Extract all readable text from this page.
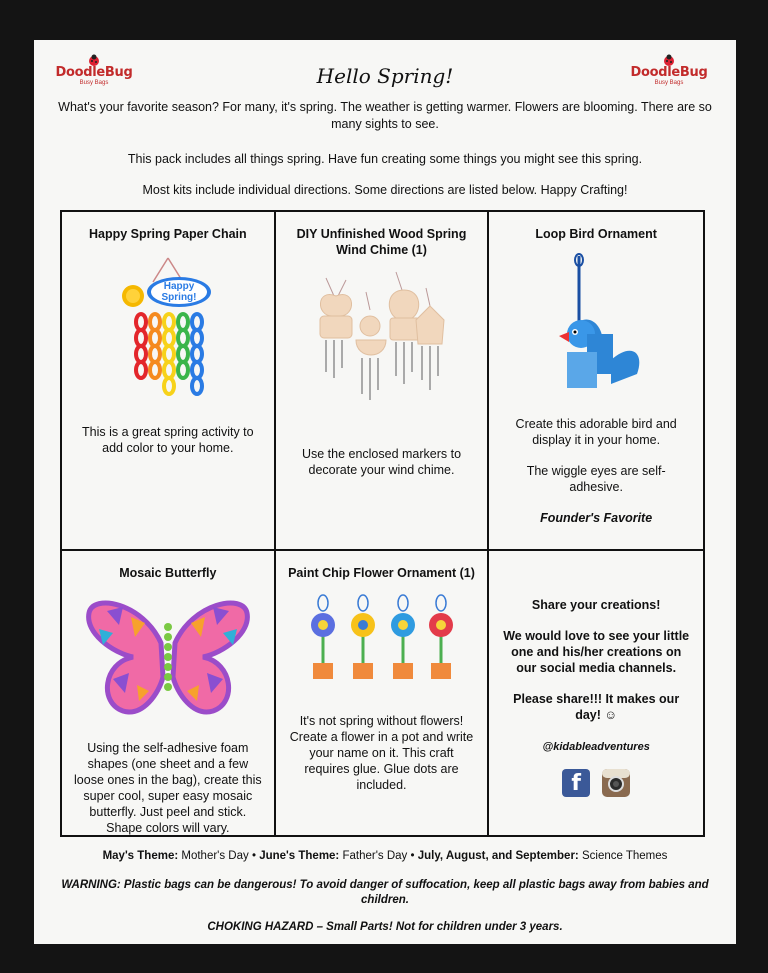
DoodleBug
Busy Bags
DoodleBug
Busy Bags
Hello Spring!

What's your favorite season? For many, it's spring. The weather is getting warmer. Flowers are blooming. There are so many sights to see.

This pack includes all things spring. Have fun creating some things you might see this spring.

Most kits include individual directions. Some directions are listed below. Happy Crafting!

Happy Spring Paper Chain
Happy
Spring!
This is a great spring activity to add color to your home.
DIY Unfinished Wood Spring Wind Chime (1)
Use the enclosed markers to decorate your wind chime.
Loop Bird Ornament
Create this adorable bird and display it in your home.
The wiggle eyes are self-adhesive.
Founder's Favorite
Mosaic Butterfly
Using the self-adhesive foam shapes (one sheet and a few loose ones in the bag), create this super cool, super easy mosaic butterfly. Just peel and stick. Shape colors will vary.
Paint Chip Flower Ornament (1)
It's not spring without flowers! Create a flower in a pot and write your name on it. This craft requires glue. Glue dots are included.
Share your creations!
We would love to see your little one and his/her creations on our social media channels.
Please share!!! It makes our day! ☺
@kidableadventures
f

May's Theme: Mother's Day • June's Theme: Father's Day • July, August, and September: Science Themes

WARNING: Plastic bags can be dangerous! To avoid danger of suffocation, keep all plastic bags away from babies and children.

CHOKING HAZARD – Small Parts! Not for children under 3 years.
